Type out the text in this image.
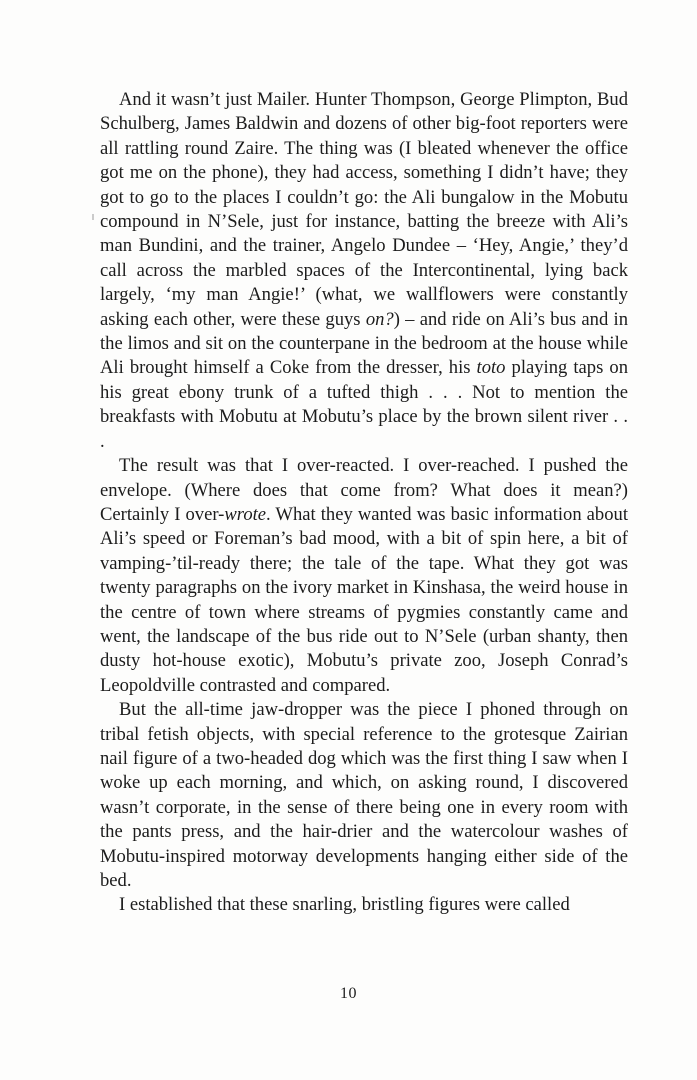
And it wasn’t just Mailer. Hunter Thompson, George Plimpton, Bud Schulberg, James Baldwin and dozens of other big-foot reporters were all rattling round Zaire. The thing was (I bleated whenever the office got me on the phone), they had access, something I didn’t have; they got to go to the places I couldn’t go: the Ali bungalow in the Mobutu compound in N’Sele, just for instance, batting the breeze with Ali’s man Bundini, and the trainer, Angelo Dundee – ‘Hey, Angie,’ they’d call across the marbled spaces of the Intercontinental, lying back largely, ‘my man Angie!’ (what, we wallflowers were constantly asking each other, were these guys on?) – and ride on Ali’s bus and in the limos and sit on the counterpane in the bedroom at the house while Ali brought himself a Coke from the dresser, his toto playing taps on his great ebony trunk of a tufted thigh . . . Not to mention the breakfasts with Mobutu at Mobutu’s place by the brown silent river . . .

The result was that I over-reacted. I over-reached. I pushed the envelope. (Where does that come from? What does it mean?) Certainly I over-wrote. What they wanted was basic information about Ali’s speed or Foreman’s bad mood, with a bit of spin here, a bit of vamping-’til-ready there; the tale of the tape. What they got was twenty paragraphs on the ivory market in Kinshasa, the weird house in the centre of town where streams of pygmies constantly came and went, the landscape of the bus ride out to N’Sele (urban shanty, then dusty hot-house exotic), Mobutu’s private zoo, Joseph Conrad’s Leopoldville contrasted and compared.

But the all-time jaw-dropper was the piece I phoned through on tribal fetish objects, with special reference to the grotesque Zairian nail figure of a two-headed dog which was the first thing I saw when I woke up each morning, and which, on asking round, I discovered wasn’t corporate, in the sense of there being one in every room with the pants press, and the hair-drier and the watercolour washes of Mobutu-inspired motorway developments hanging either side of the bed.

I established that these snarling, bristling figures were called

10
